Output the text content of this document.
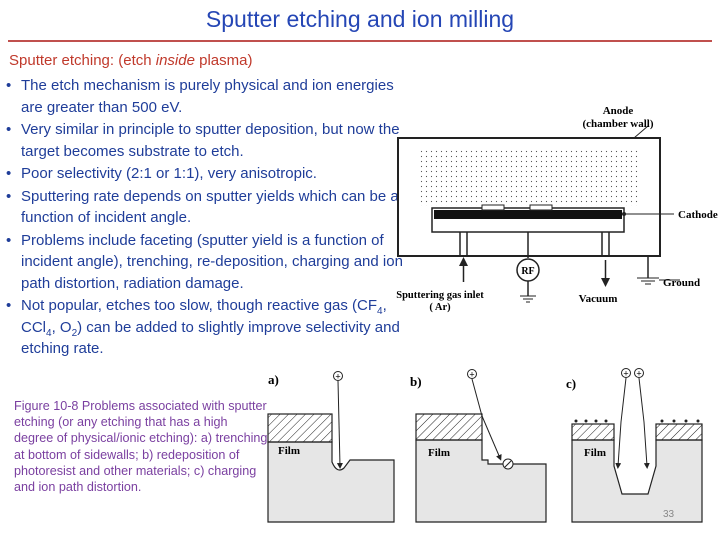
Sputter etching and ion milling
Sputter etching: (etch inside plasma)
• The etch mechanism is purely physical and ion energies are greater than 500 eV.
• Very similar in principle to sputter deposition, but now the target becomes substrate to etch.
• Poor selectivity (2:1 or 1:1), very anisotropic.
• Sputtering rate depends on sputter yields which can be a function of incident angle.
• Problems include faceting (sputter yield is a function of incident angle), trenching, re-deposition, charging and ion path distortion, radiation damage.
• Not popular, etches too slow, though reactive gas ($CF_4$, CCl$_4$, $O_2$) can be added to slightly improve selectivity and etching rate.
Anode
(chamber wall)
Cathode
RF
Sputtering gas inlet
( Ar)
Vacuum
Ground
a)
Film
+	b)
Film
+
c)
Film
+ +
Figure 10-8 Problems associated with sputter etching (or any etching that has a high degree of physical/ionic etching): a) trenching at bottom of sidewalls; b) redeposition of photoresist and other materials; c) charging and ion path distortion.
33
